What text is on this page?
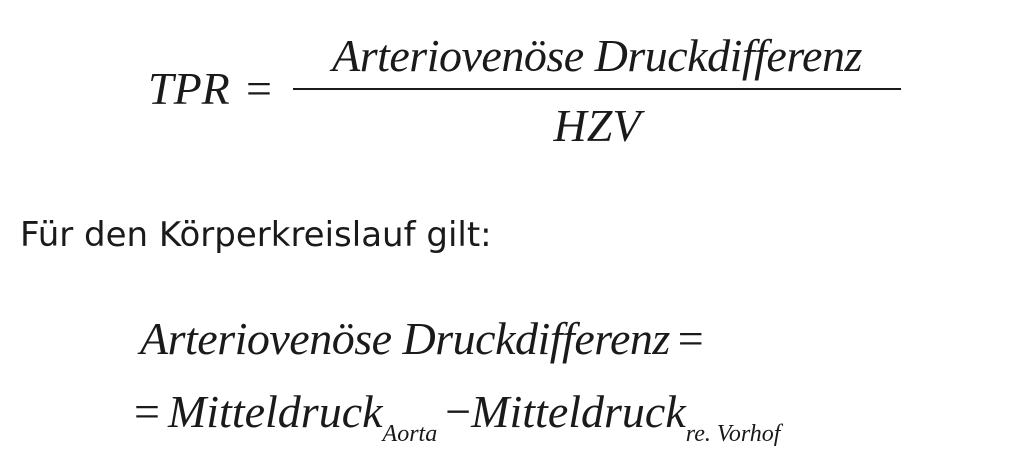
TPR =
Arteriovenöse Druckdifferenz
HZV
Für den Körperkreislauf gilt:
Arteriovenöse Druckdifferenz =
= Mitteldruck$_{Aorta}$ −Mitteldruck$_{re. Vorhof}$
